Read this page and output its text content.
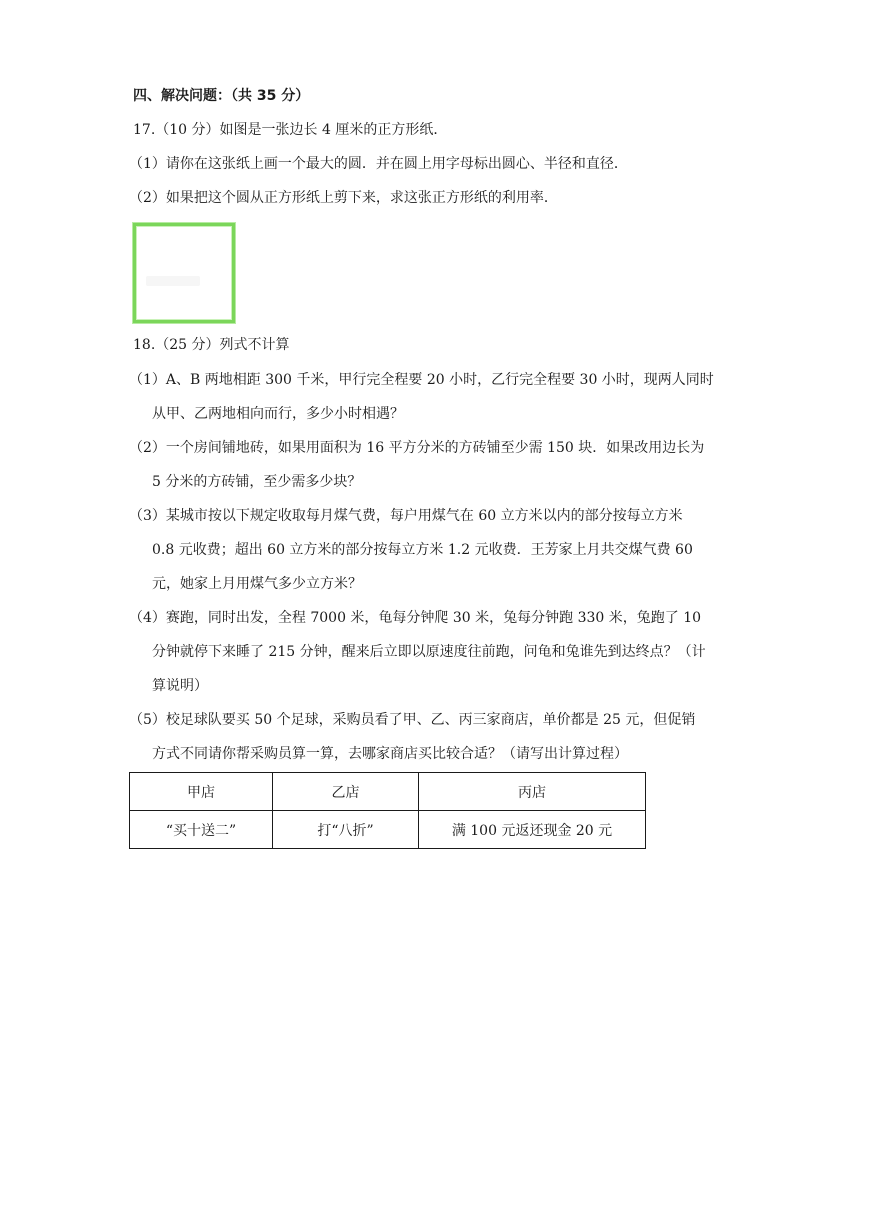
四、解决问题：（共 35 分）
17.（10 分）如图是一张边长 4 厘米的正方形纸．
（1）请你在这张纸上画一个最大的圆．并在圆上用字母标出圆心、半径和直径．
（2）如果把这个圆从正方形纸上剪下来，求这张正方形纸的利用率．
18.（25 分）列式不计算
（1）A、B 两地相距 300 千米，甲行完全程要 20 小时，乙行完全程要 30 小时，现两人同时
从甲、乙两地相向而行，多少小时相遇？
（2）一个房间铺地砖，如果用面积为 16 平方分米的方砖铺至少需 150 块．如果改用边长为
5 分米的方砖铺，至少需多少块？
（3）某城市按以下规定收取每月煤气费，每户用煤气在 60 立方米以内的部分按每立方米
0.8 元收费；超出 60 立方米的部分按每立方米 1.2 元收费．王芳家上月共交煤气费 60
元，她家上月用煤气多少立方米？
（4）赛跑，同时出发，全程 7000 米，龟每分钟爬 30 米，兔每分钟跑 330 米，兔跑了 10
分钟就停下来睡了 215 分钟，醒来后立即以原速度往前跑，问龟和兔谁先到达终点？（计
算说明）
（5）校足球队要买 50 个足球，采购员看了甲、乙、丙三家商店，单价都是 25 元，但促销
方式不同请你帮采购员算一算，去哪家商店买比较合适？（请写出计算过程）
甲店	乙店	丙店
“买十送二”	打“八折”	满 100 元返还现金 20 元
